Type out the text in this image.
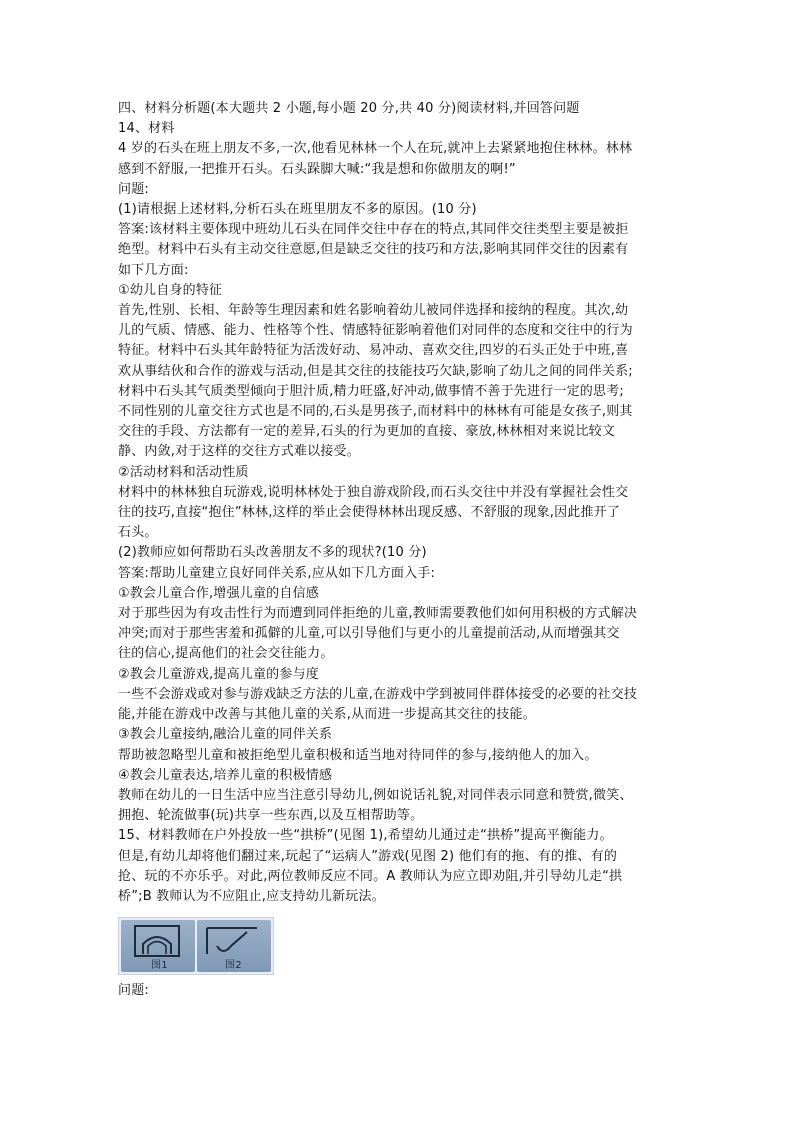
四、材料分析题(本大题共 2 小题,每小题 20 分,共 40 分)阅读材料,并回答问题
14、材料
4 岁的石头在班上朋友不多,一次,他看见林林一个人在玩,就冲上去紧紧地抱住林林。林林
感到不舒服,一把推开石头。石头跺脚大喊:“我是想和你做朋友的啊!”
问题:
(1)请根据上述材料,分析石头在班里朋友不多的原因。(10 分)
答案:该材料主要体现中班幼儿石头在同伴交往中存在的特点,其同伴交往类型主要是被拒
绝型。材料中石头有主动交往意愿,但是缺乏交往的技巧和方法,影响其同伴交往的因素有
如下几方面:
①幼儿自身的特征
首先,性别、长相、年龄等生理因素和姓名影响着幼儿被同伴选择和接纳的程度。其次,幼
儿的气质、情感、能力、性格等个性、情感特征影响着他们对同伴的态度和交往中的行为
特征。材料中石头其年龄特征为活泼好动、易冲动、喜欢交往,四岁的石头正处于中班,喜
欢从事结伙和合作的游戏与活动,但是其交往的技能技巧欠缺,影响了幼儿之间的同伴关系;
材料中石头其气质类型倾向于胆汁质,精力旺盛,好冲动,做事情不善于先进行一定的思考;
不同性别的儿童交往方式也是不同的,石头是男孩子,而材料中的林林有可能是女孩子,则其
交往的手段、方法都有一定的差异,石头的行为更加的直接、豪放,林林相对来说比较文
静、内敛,对于这样的交往方式难以接受。
②活动材料和活动性质
材料中的林林独自玩游戏,说明林林处于独自游戏阶段,而石头交往中并没有掌握社会性交
往的技巧,直接“抱住”林林,这样的举止会使得林林出现反感、不舒服的现象,因此推开了
石头。
(2)教师应如何帮助石头改善朋友不多的现状?(10 分)
答案:帮助儿童建立良好同伴关系,应从如下几方面入手:
①教会儿童合作,增强儿童的自信感
对于那些因为有攻击性行为而遭到同伴拒绝的儿童,教师需要教他们如何用积极的方式解决
冲突;而对于那些害羞和孤僻的儿童,可以引导他们与更小的儿童提前活动,从而增强其交
往的信心,提高他们的社会交往能力。
②教会儿童游戏,提高儿童的参与度
一些不会游戏或对参与游戏缺乏方法的儿童,在游戏中学到被同伴群体接受的必要的社交技
能,并能在游戏中改善与其他儿童的关系,从而进一步提高其交往的技能。
③教会儿童接纳,融洽儿童的同伴关系
帮助被忽略型儿童和被拒绝型儿童积极和适当地对待同伴的参与,接纳他人的加入。
④教会儿童表达,培养儿童的积极情感
教师在幼儿的一日生活中应当注意引导幼儿,例如说话礼貌,对同伴表示同意和赞赏,微笑、
拥抱、轮流做事(玩)共享一些东西,以及互相帮助等。
15、材料教师在户外投放一些“拱桥”(见图 1),希望幼儿通过走“拱桥”提高平衡能力。
但是,有幼儿却将他们翻过来,玩起了“运病人”游戏(见图 2) 他们有的拖、有的推、有的
抢、玩的不亦乐乎。对此,两位教师反应不同。A 教师认为应立即劝阻,并引导幼儿走“拱
桥”;B 教师认为不应阻止,应支持幼儿新玩法。
图1	图2
问题:
